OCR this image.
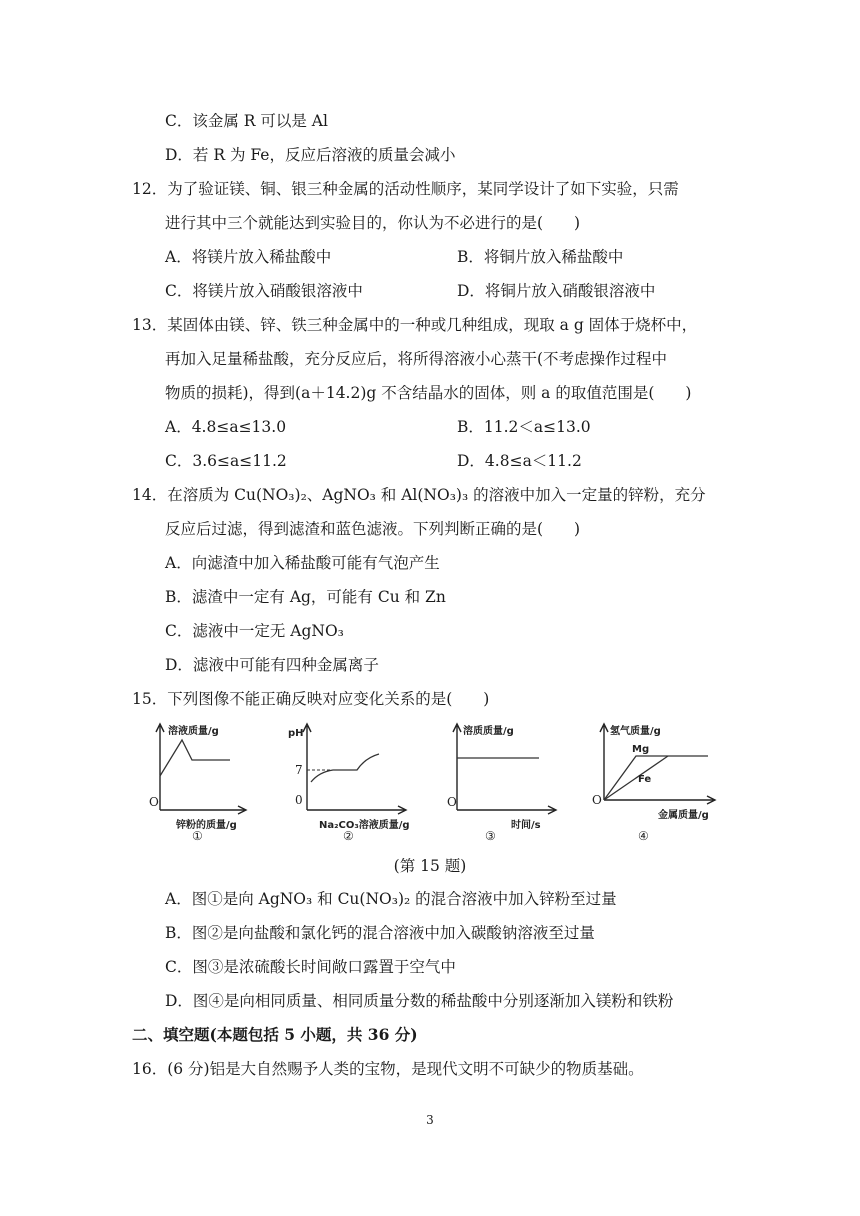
C．该金属 R 可以是 Al
D．若 R 为 Fe，反应后溶液的质量会减小
12．为了验证镁、铜、银三种金属的活动性顺序，某同学设计了如下实验，只需
进行其中三个就能达到实验目的，你认为不必进行的是(　　)
A．将镁片放入稀盐酸中	B．将铜片放入稀盐酸中
C．将镁片放入硝酸银溶液中	D．将铜片放入硝酸银溶液中
13．某固体由镁、锌、铁三种金属中的一种或几种组成，现取 a g 固体于烧杯中，
再加入足量稀盐酸，充分反应后，将所得溶液小心蒸干(不考虑操作过程中
物质的损耗)，得到(a＋14.2)g 不含结晶水的固体，则 a 的取值范围是(　　)
A．4.8≤a≤13.0	B．11.2＜a≤13.0
C．3.6≤a≤11.2	D．4.8≤a＜11.2
14．在溶质为 Cu(NO₃)₂、AgNO₃ 和 Al(NO₃)₃ 的溶液中加入一定量的锌粉，充分
反应后过滤，得到滤渣和蓝色滤液。下列判断正确的是(　　)
A．向滤渣中加入稀盐酸可能有气泡产生
B．滤渣中一定有 Ag，可能有 Cu 和 Zn
C．滤液中一定无 AgNO₃
D．滤液中可能有四种金属离子
15．下列图像不能正确反映对应变化关系的是(　　)
溶液质量/g
O
锌粉的质量/g
①
pH
7
0
Na₂CO₃溶液质量/g
②
溶质质量/g
O
时间/s
③
氢气质量/g
Mg
Fe
O
金属质量/g
④
(第 15 题)
A．图①是向 AgNO₃ 和 Cu(NO₃)₂ 的混合溶液中加入锌粉至过量
B．图②是向盐酸和氯化钙的混合溶液中加入碳酸钠溶液至过量
C．图③是浓硫酸长时间敞口露置于空气中
D．图④是向相同质量、相同质量分数的稀盐酸中分别逐渐加入镁粉和铁粉
二、填空题(本题包括 5 小题，共 36 分)
16．(6 分)铝是大自然赐予人类的宝物，是现代文明不可缺少的物质基础。
3
